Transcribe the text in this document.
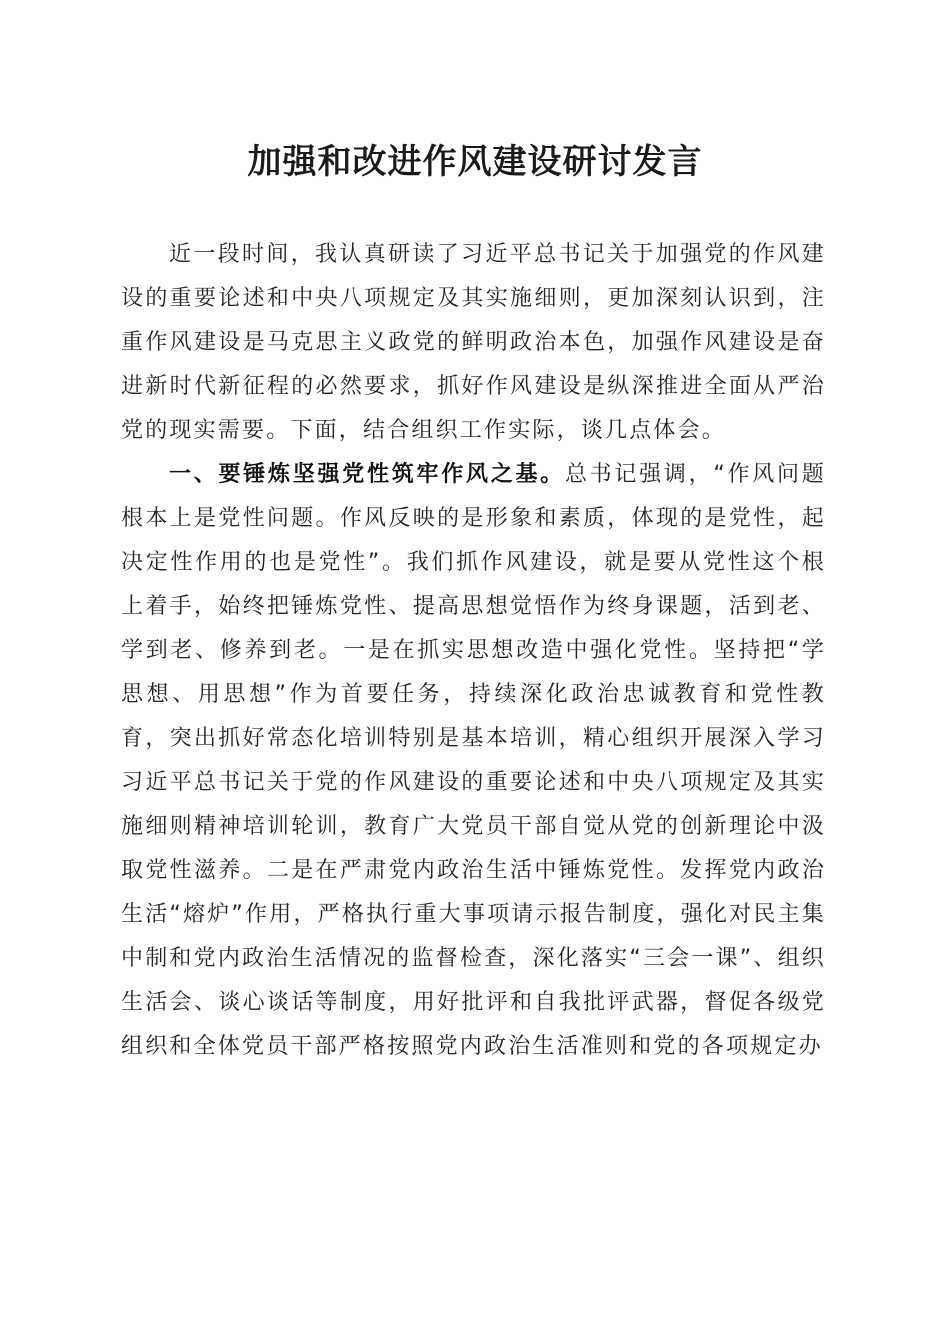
加强和改进作风建设研讨发言

近一段时间，我认真研读了习近平总书记关于加强党的作风建设的重要论述和中央八项规定及其实施细则，更加深刻认识到，注重作风建设是马克思主义政党的鲜明政治本色，加强作风建设是奋进新时代新征程的必然要求，抓好作风建设是纵深推进全面从严治党的现实需要。下面，结合组织工作实际，谈几点体会。

一、要锤炼坚强党性筑牢作风之基。总书记强调，“作风问题根本上是党性问题。作风反映的是形象和素质，体现的是党性，起决定性作用的也是党性”。我们抓作风建设，就是要从党性这个根上着手，始终把锤炼党性、提高思想觉悟作为终身课题，活到老、学到老、修养到老。一是在抓实思想改造中强化党性。坚持把“学思想、用思想”作为首要任务，持续深化政治忠诚教育和党性教育，突出抓好常态化培训特别是基本培训，精心组织开展深入学习习近平总书记关于党的作风建设的重要论述和中央八项规定及其实施细则精神培训轮训，教育广大党员干部自觉从党的创新理论中汲取党性滋养。二是在严肃党内政治生活中锤炼党性。发挥党内政治生活“熔炉”作用，严格执行重大事项请示报告制度，强化对民主集中制和党内政治生活情况的监督检查，深化落实“三会一课”、组织生活会、谈心谈话等制度，用好批评和自我批评武器，督促各级党组织和全体党员干部严格按照党内政治生活准则和党的各项规定办
